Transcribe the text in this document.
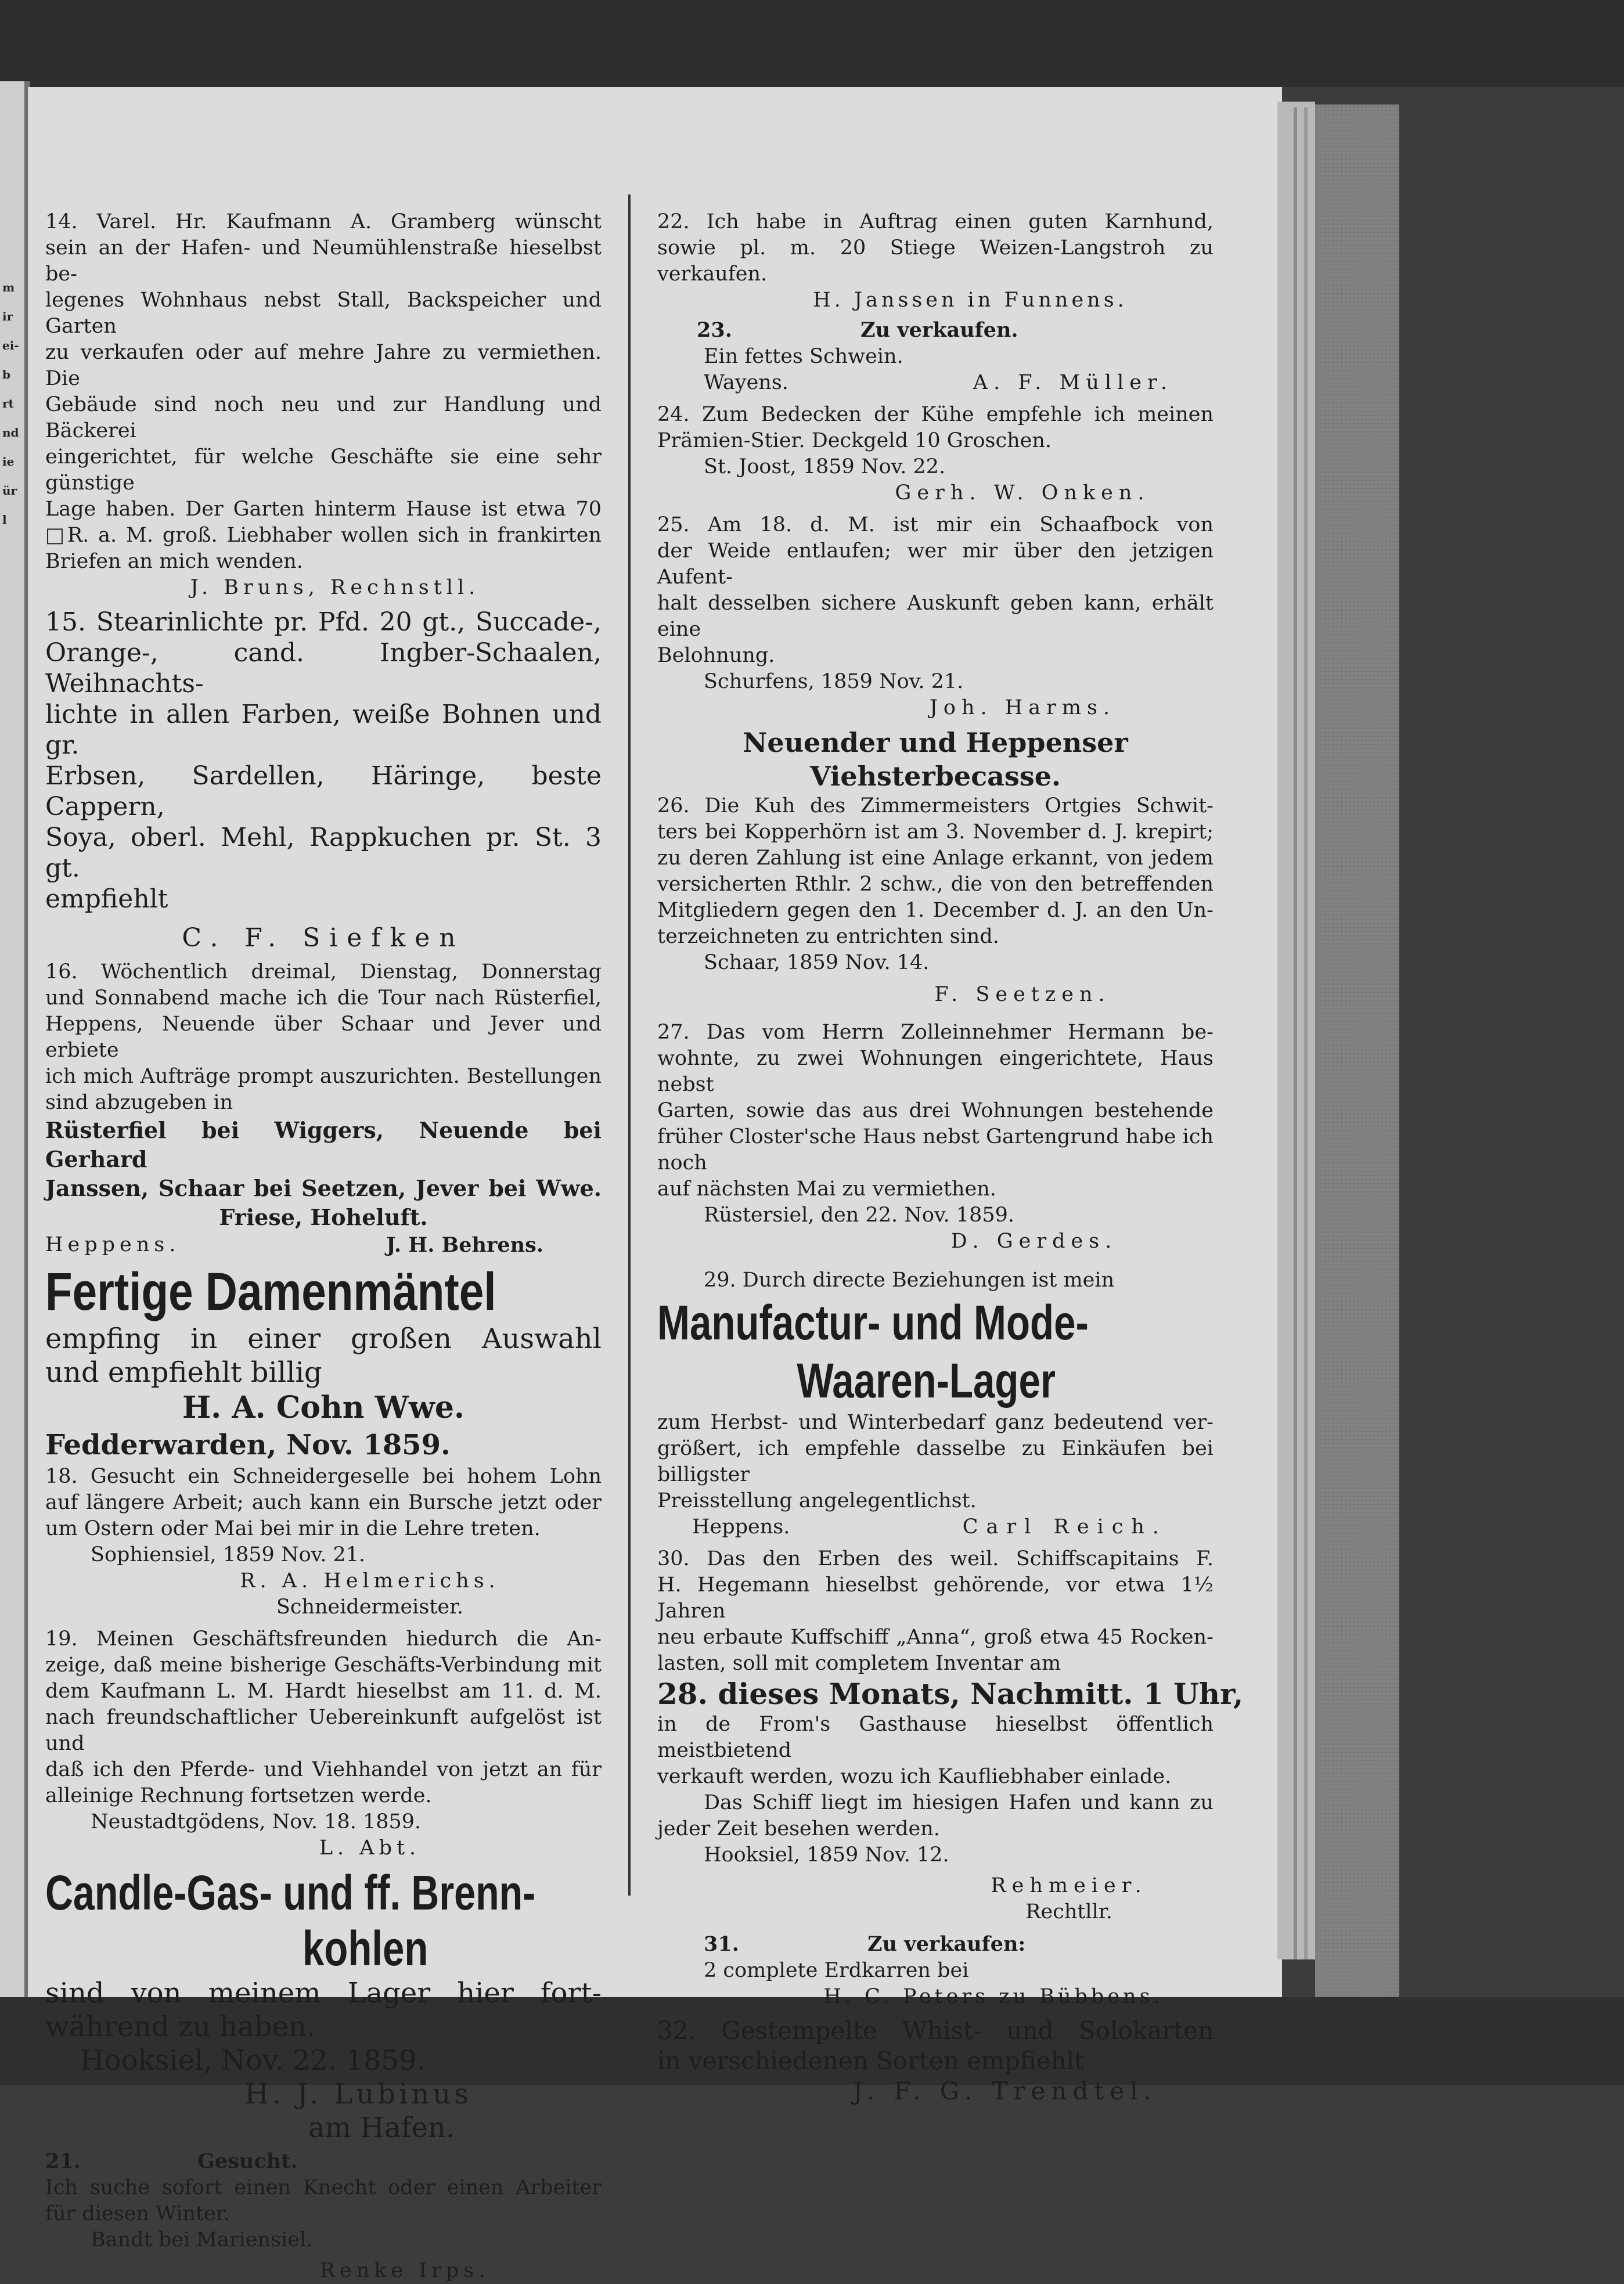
m
ir
ei-
b
rt
nd
ie
ür
l

14. Varel. Hr. Kaufmann A. Gramberg wünscht

sein an der Hafen- und Neumühlenstraße hieselbst be-

legenes Wohnhaus nebst Stall, Backspeicher und Garten

zu verkaufen oder auf mehre Jahre zu vermiethen. Die

Gebäude sind noch neu und zur Handlung und Bäckerei

eingerichtet, für welche Geschäfte sie eine sehr günstige

Lage haben. Der Garten hinterm Hause ist etwa 70

□R. a. M. groß. Liebhaber wollen sich in frankirten

Briefen an mich wenden.

J. Bruns, Rechnstll.

15. Stearinlichte pr. Pfd. 20 gt., Succade-,

Orange-, cand. Ingber-Schaalen, Weihnachts-

lichte in allen Farben, weiße Bohnen und gr.

Erbsen, Sardellen, Häringe, beste Cappern,

Soya, oberl. Mehl, Rappkuchen pr. St. 3 gt.

empfiehlt

C. F. Siefken

16. Wöchentlich dreimal, Dienstag, Donnerstag

und Sonnabend mache ich die Tour nach Rüsterfiel,

Heppens, Neuende über Schaar und Jever und erbiete

ich mich Aufträge prompt auszurichten. Bestellungen

sind abzugeben in

Rüsterfiel bei Wiggers, Neuende bei Gerhard

Janssen, Schaar bei Seetzen, Jever bei Wwe.

Friese, Hoheluft.

Heppens.	J. H. Behrens.

Fertige Damenmäntel

empfing in einer großen Auswahl

und empfiehlt billig

H. A. Cohn Wwe.

Fedderwarden, Nov. 1859.

18. Gesucht ein Schneidergeselle bei hohem Lohn

auf längere Arbeit; auch kann ein Bursche jetzt oder

um Ostern oder Mai bei mir in die Lehre treten.

Sophiensiel, 1859 Nov. 21.

R. A. Helmerichs.

Schneidermeister.

19. Meinen Geschäftsfreunden hiedurch die An-

zeige, daß meine bisherige Geschäfts-Verbindung mit

dem Kaufmann L. M. Hardt hieselbst am 11. d. M.

nach freundschaftlicher Uebereinkunft aufgelöst ist und

daß ich den Pferde- und Viehhandel von jetzt an für

alleinige Rechnung fortsetzen werde.

Neustadtgödens, Nov. 18. 1859.

L. Abt.

Candle-Gas- und ff. Brenn-

kohlen

sind von meinem Lager hier fort-

während zu haben.

Hooksiel, Nov. 22. 1859.

H. J. Lubinus

am Hafen.

21.	Gesucht.

Ich suche sofort einen Knecht oder einen Arbeiter

für diesen Winter.

Bandt bei Mariensiel.

Renke Irps.

22. Ich habe in Auftrag einen guten Karnhund,

sowie pl. m. 20 Stiege Weizen-Langstroh zu verkaufen.

H. Janssen in Funnens.

23.	Zu verkaufen.

Ein fettes Schwein.

Wayens.	A. F. Müller.

24. Zum Bedecken der Kühe empfehle ich meinen

Prämien-Stier. Deckgeld 10 Groschen.

St. Joost, 1859 Nov. 22.

Gerh. W. Onken.

25. Am 18. d. M. ist mir ein Schaafbock von

der Weide entlaufen; wer mir über den jetzigen Aufent-

halt desselben sichere Auskunft geben kann, erhält eine

Belohnung.

Schurfens, 1859 Nov. 21.

Joh. Harms.

Neuender und Heppenser

Viehsterbecasse.

26. Die Kuh des Zimmermeisters Ortgies Schwit-

ters bei Kopperhörn ist am 3. November d. J. krepirt;

zu deren Zahlung ist eine Anlage erkannt, von jedem

versicherten Rthlr. 2 schw., die von den betreffenden

Mitgliedern gegen den 1. December d. J. an den Un-

terzeichneten zu entrichten sind.

Schaar, 1859 Nov. 14.

F. Seetzen.

27. Das vom Herrn Zolleinnehmer Hermann be-

wohnte, zu zwei Wohnungen eingerichtete, Haus nebst

Garten, sowie das aus drei Wohnungen bestehende

früher Closter'sche Haus nebst Gartengrund habe ich noch

auf nächsten Mai zu vermiethen.

Rüstersiel, den 22. Nov. 1859.

D. Gerdes.

29. Durch directe Beziehungen ist mein

Manufactur- und Mode-

Waaren-Lager

zum Herbst- und Winterbedarf ganz bedeutend ver-

größert, ich empfehle dasselbe zu Einkäufen bei billigster

Preisstellung angelegentlichst.

Heppens.	Carl Reich.

30. Das den Erben des weil. Schiffscapitains F.

H. Hegemann hieselbst gehörende, vor etwa 1½ Jahren

neu erbaute Kuffschiff „Anna“, groß etwa 45 Rocken-

lasten, soll mit completem Inventar am

28. dieses Monats, Nachmitt. 1 Uhr,

in de From's Gasthause hieselbst öffentlich meistbietend

verkauft werden, wozu ich Kaufliebhaber einlade.

Das Schiff liegt im hiesigen Hafen und kann zu

jeder Zeit besehen werden.

Hooksiel, 1859 Nov. 12.

Rehmeier.

Rechtllr.

31.	Zu verkaufen:

2 complete Erdkarren bei

H. C. Peters zu Bübbens.

32. Gestempelte Whist- und Solokarten

in verschiedenen Sorten empfiehlt

J. F. G. Trendtel.
